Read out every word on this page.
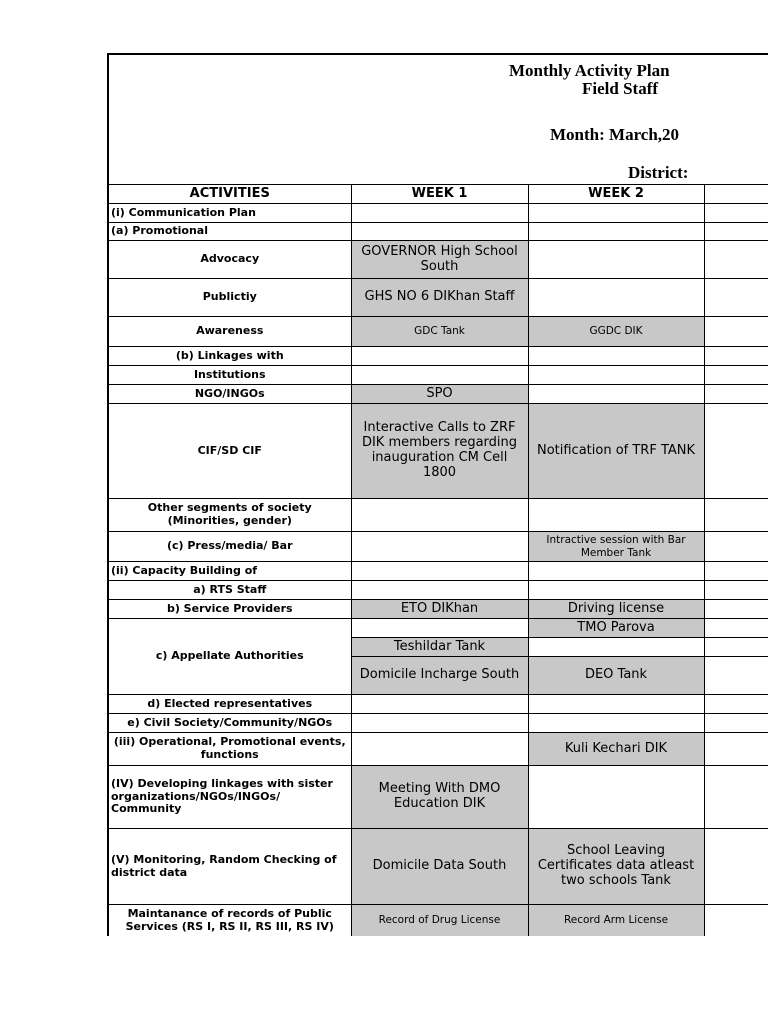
Monthly Activity Plan
Field Staff
Month: March,20
District:
ACTIVITIES	WEEK 1	WEEK 2	
(i) Communication Plan			
(a) Promotional			
Advocacy	GOVERNOR High School South		
Publictiy	GHS NO 6 DIKhan Staff		
Awareness	GDC Tank	GGDC DIK	
(b) Linkages with			
Institutions			
NGO/INGOs	SPO		
CIF/SD CIF	Interactive Calls to ZRF DIK members regarding inauguration CM Cell 1800	Notification of TRF TANK	
Other segments of society (Minorities, gender)			
(c) Press/media/ Bar		Intractive session with Bar Member Tank	
(ii) Capacity Building of			
a) RTS Staff			
b) Service Providers	ETO DIKhan	Driving license	
c) Appellate Authorities		TMO Parova	
	Teshildar Tank		
	Domicile Incharge South	DEO Tank	
d) Elected representatives			
e) Civil Society/Community/NGOs			
(iii) Operational, Promotional events, functions		Kuli Kechari DIK	
(IV) Developing linkages with sister organizations/NGOs/INGOs/ Community	Meeting With DMO Education DIK		
(V) Monitoring, Random Checking of district data	Domicile Data South	School Leaving Certificates data atleast two schools Tank	
Maintanance of records of Public Services (RS I, RS II, RS III, RS IV)	Record of Drug License	Record Arm License	
